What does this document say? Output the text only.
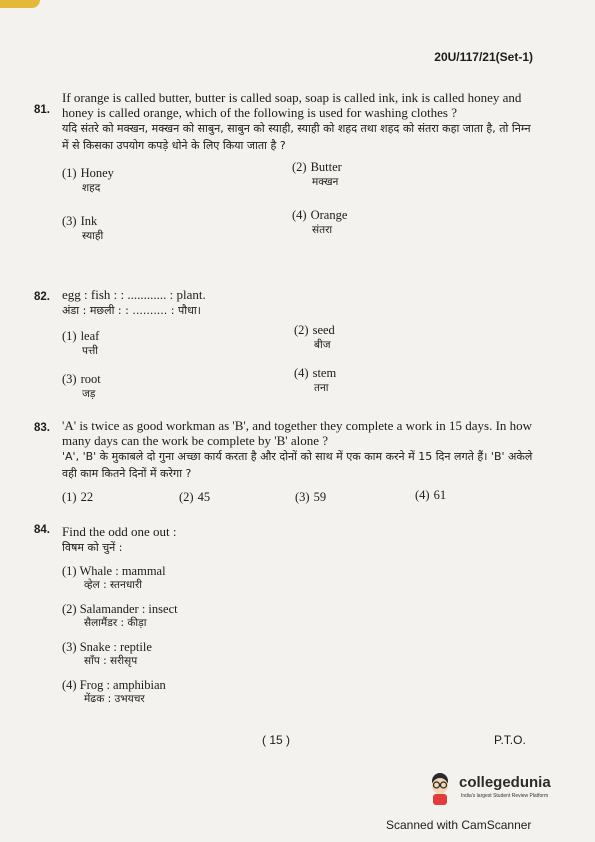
20U/117/21(Set-1)
81.

If orange is called butter, butter is called soap, soap is called ink, ink is called honey and honey is called orange, which of the following is used for washing clothes ?

यदि संतरे को मक्खन, मक्खन को साबुन, साबुन को स्याही, स्याही को शहद तथा शहद को संतरा कहा जाता है, तो निम्न में से किसका उपयोग कपड़े धोने के लिए किया जाता है ?

(1) Honey
शहद
(2) Butter
मक्खन
(3) Ink
स्याही
(4) Orange
संतरा
82. egg : fish : : ............ : plant.

अंडा : मछली : : .......... : पौधा।

(1) leaf
पत्ती
(2) seed
बीज
(3) root
जड़
(4) stem
तना
83. 'A' is twice as good workman as 'B', and together they complete a work in 15 days. In how many days can the work be complete by 'B' alone ?

'A', 'B' के मुकाबले दो गुना अच्छा कार्य करता है और दोनों को साथ में एक काम करने में 15 दिन लगते हैं। 'B' अकेले वही काम कितने दिनों में करेगा ?

(1) 22	(2) 45	(3) 59	(4) 61
84. Find the odd one out :

विषम को चुनें :

(1) Whale : mammal
व्हेल : स्तनधारी
(2) Salamander : insect
सैलामैंडर : कीड़ा
(3) Snake : reptile
साँप : सरीसृप
(4) Frog : amphibian
मेंढक : उभयचर
( 15 )	P.T.O.
collegedunia
India's largest Student Review Platform
Scanned with CamScanner
